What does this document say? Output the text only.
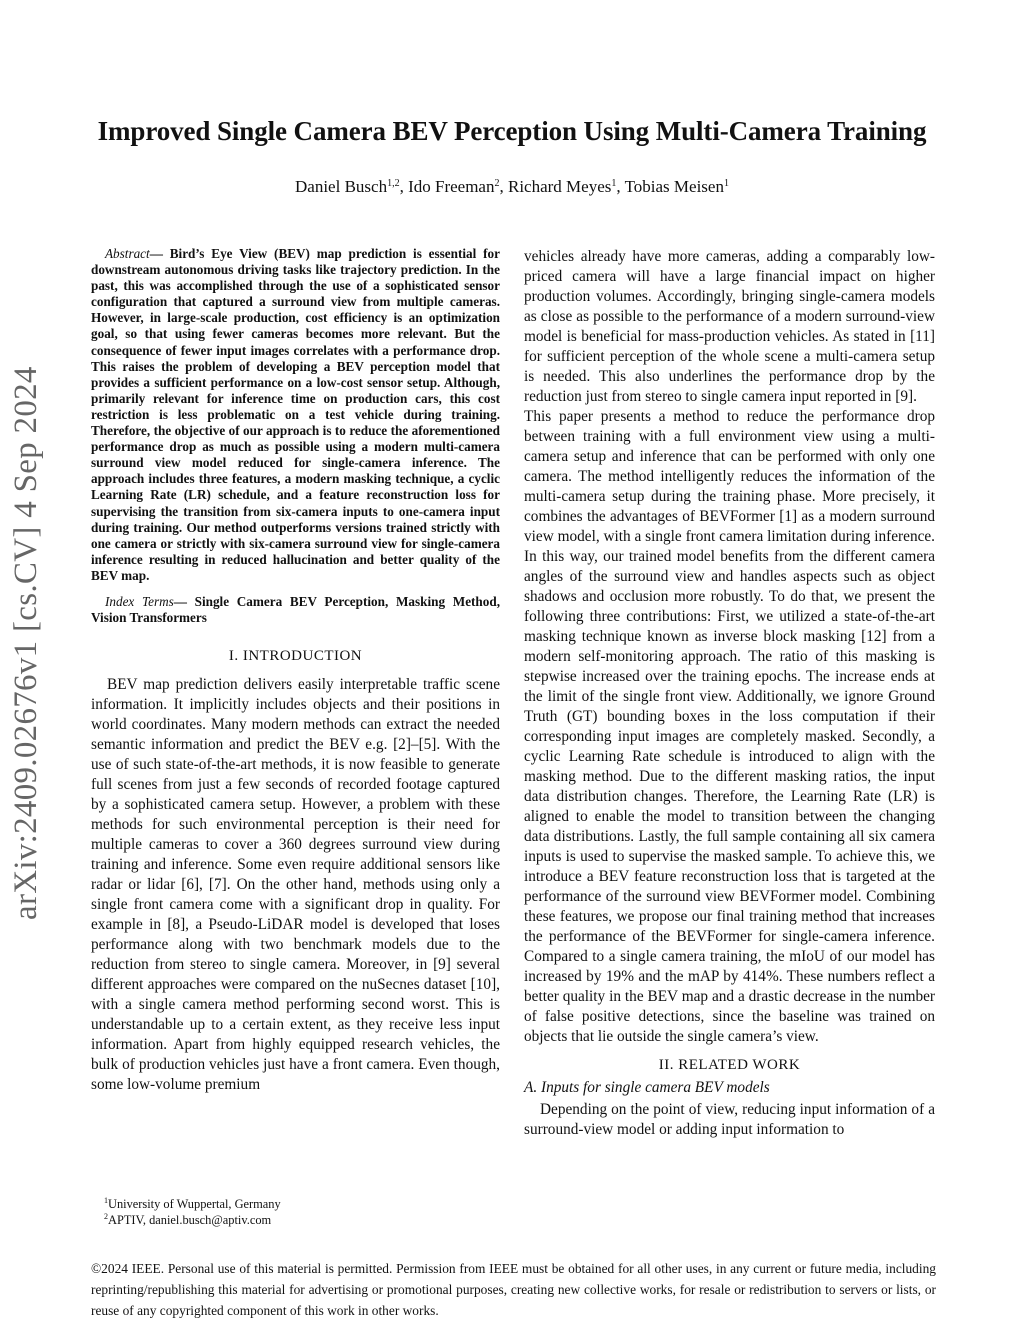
Improved Single Camera BEV Perception Using Multi-Camera Training
Daniel Busch$^{1,2}$, Ido Freeman$^2$, Richard Meyes$^1$, Tobias Meisen$^1$
arXiv:2409.02676v1 [cs.CV] 4 Sep 2024

Abstract— Bird’s Eye View (BEV) map prediction is essential for downstream autonomous driving tasks like trajectory prediction. In the past, this was accomplished through the use of a sophisticated sensor configuration that captured a surround view from multiple cameras. However, in large-scale production, cost efficiency is an optimization goal, so that using fewer cameras becomes more relevant. But the consequence of fewer input images correlates with a performance drop. This raises the problem of developing a BEV perception model that provides a sufficient performance on a low-cost sensor setup. Although, primarily relevant for inference time on production cars, this cost restriction is less problematic on a test vehicle during training. Therefore, the objective of our approach is to reduce the aforementioned performance drop as much as possible using a modern multi-camera surround view model reduced for single-camera inference. The approach includes three features, a modern masking technique, a cyclic Learning Rate (LR) schedule, and a feature reconstruction loss for supervising the transition from six-camera inputs to one-camera input during training. Our method outperforms versions trained strictly with one camera or strictly with six-camera surround view for single-camera inference resulting in reduced hallucination and better quality of the BEV map.

Index Terms— Single Camera BEV Perception, Masking Method, Vision Transformers

I. INTRODUCTION

BEV map prediction delivers easily interpretable traffic scene information. It implicitly includes objects and their positions in world coordinates. Many modern methods can extract the needed semantic information and predict the BEV e.g. [2]–[5]. With the use of such state-of-the-art methods, it is now feasible to generate full scenes from just a few seconds of recorded footage captured by a sophisticated camera setup. However, a problem with these methods for such environmental perception is their need for multiple cameras to cover a 360 degrees surround view during training and inference. Some even require additional sensors like radar or lidar [6], [7]. On the other hand, methods using only a single front camera come with a significant drop in quality. For example in [8], a Pseudo-LiDAR model is developed that loses performance along with two benchmark models due to the reduction from stereo to single camera. Moreover, in [9] several different approaches were compared on the nuSecnes dataset [10], with a single camera method performing second worst. This is understandable up to a certain extent, as they receive less input information. Apart from highly equipped research vehicles, the bulk of production vehicles just have a front camera. Even though, some low-volume premium

vehicles already have more cameras, adding a comparably low-priced camera will have a large financial impact on higher production volumes. Accordingly, bringing single-camera models as close as possible to the performance of a modern surround-view model is beneficial for mass-production vehicles. As stated in [11] for sufficient perception of the whole scene a multi-camera setup is needed. This also underlines the performance drop by the reduction just from stereo to single camera input reported in [9].

This paper presents a method to reduce the performance drop between training with a full environment view using a multi-camera setup and inference that can be performed with only one camera. The method intelligently reduces the information of the multi-camera setup during the training phase. More precisely, it combines the advantages of BEVFormer [1] as a modern surround view model, with a single front camera limitation during inference. In this way, our trained model benefits from the different camera angles of the surround view and handles aspects such as object shadows and occlusion more robustly. To do that, we present the following three contributions: First, we utilized a state-of-the-art masking technique known as inverse block masking [12] from a modern self-monitoring approach. The ratio of this masking is stepwise increased over the training epochs. The increase ends at the limit of the single front view. Additionally, we ignore Ground Truth (GT) bounding boxes in the loss computation if their corresponding input images are completely masked. Secondly, a cyclic Learning Rate schedule is introduced to align with the masking method. Due to the different masking ratios, the input data distribution changes. Therefore, the Learning Rate (LR) is aligned to enable the model to transition between the changing data distributions. Lastly, the full sample containing all six camera inputs is used to supervise the masked sample. To achieve this, we introduce a BEV feature reconstruction loss that is targeted at the performance of the surround view BEVFormer model. Combining these features, we propose our final training method that increases the performance of the BEVFormer for single-camera inference. Compared to a single camera training, the mIoU of our model has increased by 19% and the mAP by 414%. These numbers reflect a better quality in the BEV map and a drastic decrease in the number of false positive detections, since the baseline was trained on objects that lie outside the single camera’s view.

II. RELATED WORK
A. Inputs for single camera BEV models

Depending on the point of view, reducing input information of a surround-view model or adding input information to

$^1$University of Wuppertal, Germany
$^2$APTIV, daniel.busch@aptiv.com
©2024 IEEE. Personal use of this material is permitted. Permission from IEEE must be obtained for all other uses, in any current or future media, including reprinting/republishing this material for advertising or promotional purposes, creating new collective works, for resale or redistribution to servers or lists, or reuse of any copyrighted component of this work in other works.
